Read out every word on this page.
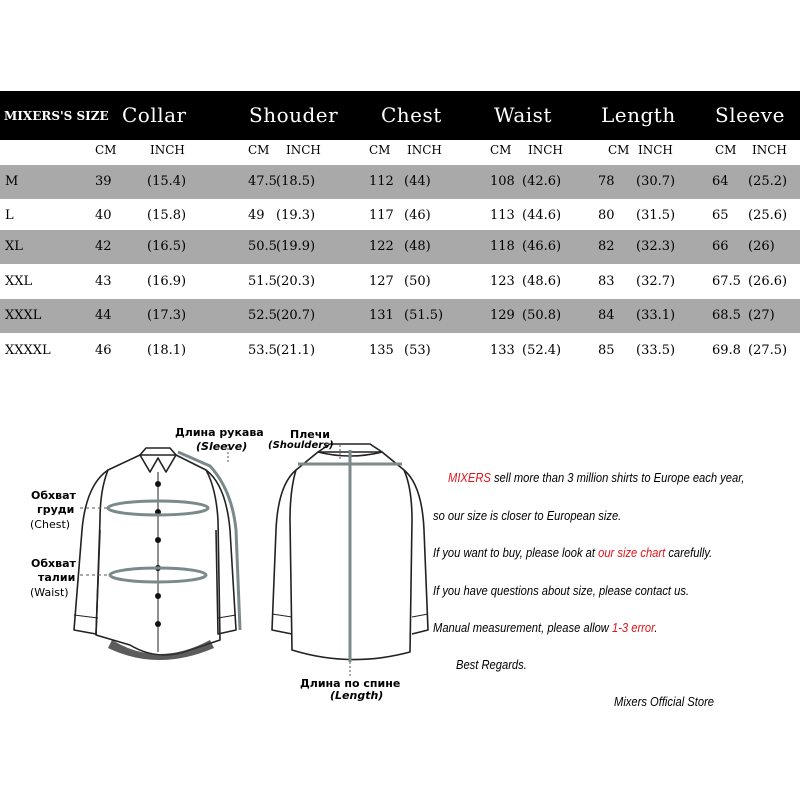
MIXERS'S SIZE Collar	Shouder Chest	Waist Length Sleeve
CM	INCH	CM INCH	CM INCH	CM INCH	CM INCH	CM INCH
M	39	(15.4)	47.5 (18.5)	112 (44)	108 (42.6)	78 (30.7)	64 (25.2)
L	40	(15.8)	49 (19.3)	117 (46)	113 (44.6)	80 (31.5)	65 (25.6)
XL	42	(16.5)	50.5 (19.9)	122 (48)	118 (46.6)	82 (32.3)	66 (26)
XXL	43	(16.9)	51.5 (20.3)	127 (50)	123 (48.6)	83 (32.7)	67.5 (26.6)
XXXL	44	(17.3)	52.5 (20.7)	131 (51.5)	129 (50.8)	84 (33.1)	68.5 (27)
XXXXL	46	(18.1)	53.5 (21.1)	135 (53)	133 (52.4)	85 (33.5)	69.8 (27.5)
Длина рукава
(Sleeve)
Плечи
(Shoulders)
Обхват
груди
(Chest)
Обхват
талии
(Waist)
Длина по спине
(Length)
MIXERS sell more than 3 million shirts to Europe each year,
so our size is closer to European size.
If you want to buy, please look at our size chart carefully.
If you have questions about size, please contact us.
Manual measurement, please allow 1-3 error.
Best Regards.
Mixers Official Store
